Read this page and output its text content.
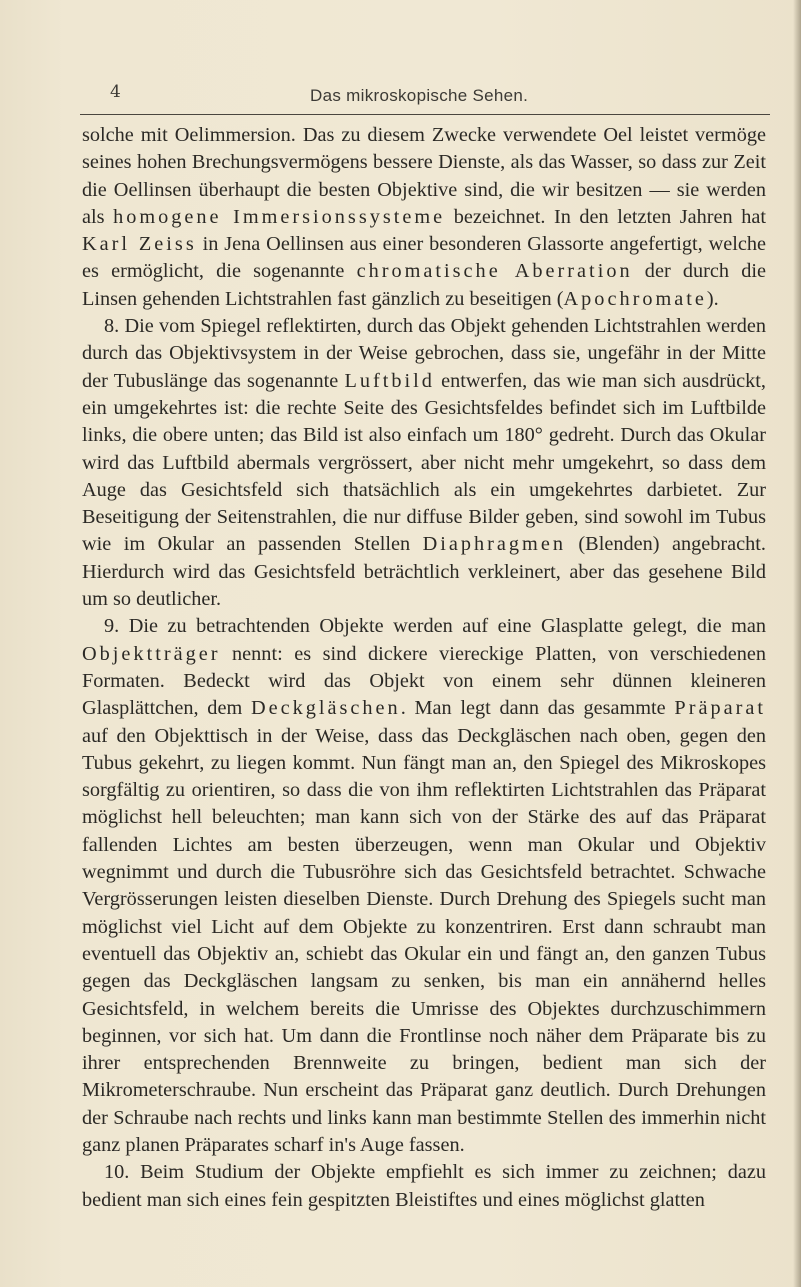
4	Das mikroskopische Sehen.

solche mit Oelimmersion. Das zu diesem Zwecke verwendete Oel leistet vermöge seines hohen Brechungsvermögens bessere Dienste, als das Wasser, so dass zur Zeit die Oellinsen überhaupt die besten Objektive sind, die wir besitzen — sie werden als homogene Immersionssysteme bezeichnet. In den letzten Jahren hat Karl Zeiss in Jena Oellinsen aus einer besonderen Glassorte angefertigt, welche es ermöglicht, die sogenannte chromatische Aberration der durch die Linsen gehenden Lichtstrahlen fast gänzlich zu beseitigen (Apochromate).

8. Die vom Spiegel reflektirten, durch das Objekt gehenden Lichtstrahlen werden durch das Objektivsystem in der Weise gebrochen, dass sie, ungefähr in der Mitte der Tubuslänge das sogenannte Luftbild entwerfen, das wie man sich ausdrückt, ein umgekehrtes ist: die rechte Seite des Gesichtsfeldes befindet sich im Luftbilde links, die obere unten; das Bild ist also einfach um 180° gedreht. Durch das Okular wird das Luftbild abermals vergrössert, aber nicht mehr umgekehrt, so dass dem Auge das Gesichtsfeld sich thatsächlich als ein umgekehrtes darbietet. Zur Beseitigung der Seitenstrahlen, die nur diffuse Bilder geben, sind sowohl im Tubus wie im Okular an passenden Stellen Diaphragmen (Blenden) angebracht. Hierdurch wird das Gesichtsfeld beträchtlich verkleinert, aber das gesehene Bild um so deutlicher.

9. Die zu betrachtenden Objekte werden auf eine Glasplatte gelegt, die man Objektträger nennt: es sind dickere viereckige Platten, von verschiedenen Formaten. Bedeckt wird das Objekt von einem sehr dünnen kleineren Glasplättchen, dem Deckgläschen. Man legt dann das gesammte Präparat auf den Objekttisch in der Weise, dass das Deckgläschen nach oben, gegen den Tubus gekehrt, zu liegen kommt. Nun fängt man an, den Spiegel des Mikroskopes sorgfältig zu orientiren, so dass die von ihm reflektirten Lichtstrahlen das Präparat möglichst hell beleuchten; man kann sich von der Stärke des auf das Präparat fallenden Lichtes am besten überzeugen, wenn man Okular und Objektiv wegnimmt und durch die Tubusröhre sich das Gesichtsfeld betrachtet. Schwache Vergrösserungen leisten dieselben Dienste. Durch Drehung des Spiegels sucht man möglichst viel Licht auf dem Objekte zu konzentriren. Erst dann schraubt man eventuell das Objektiv an, schiebt das Okular ein und fängt an, den ganzen Tubus gegen das Deckgläschen langsam zu senken, bis man ein annähernd helles Gesichtsfeld, in welchem bereits die Umrisse des Objektes durchzuschimmern beginnen, vor sich hat. Um dann die Frontlinse noch näher dem Präparate bis zu ihrer entsprechenden Brennweite zu bringen, bedient man sich der Mikrometerschraube. Nun erscheint das Präparat ganz deutlich. Durch Drehungen der Schraube nach rechts und links kann man bestimmte Stellen des immerhin nicht ganz planen Präparates scharf in's Auge fassen.

10. Beim Studium der Objekte empfiehlt es sich immer zu zeichnen; dazu bedient man sich eines fein gespitzten Bleistiftes und eines möglichst glatten
